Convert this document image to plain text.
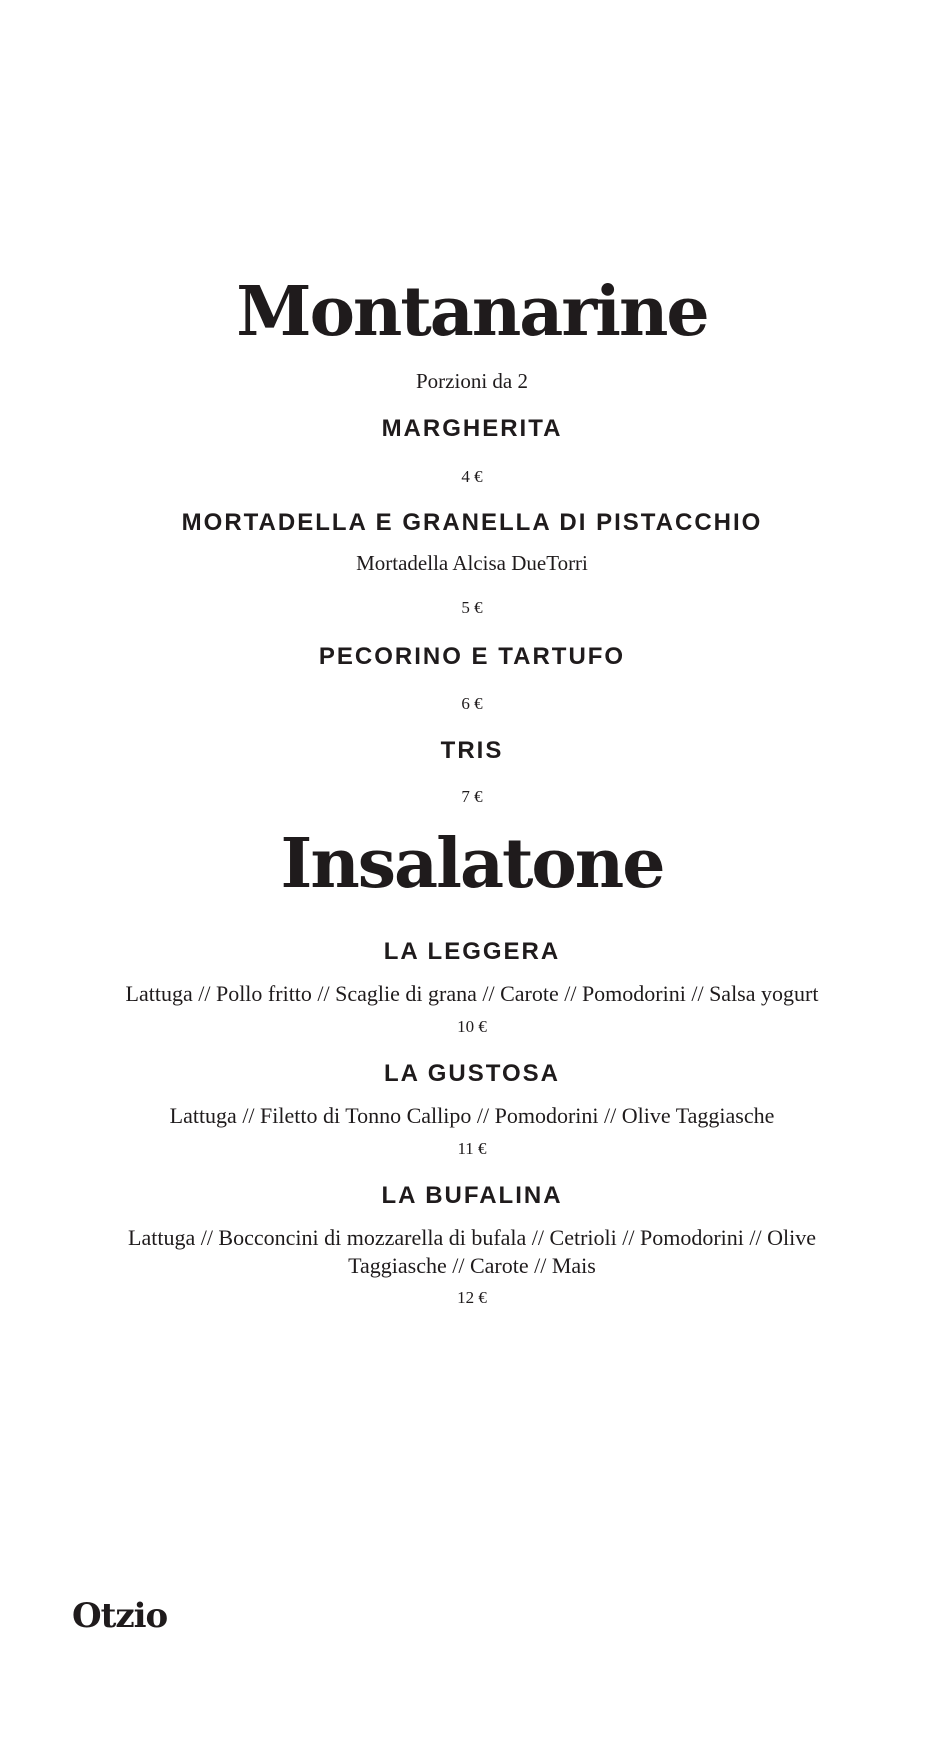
Montanarine

Porzioni da 2

MARGHERITA

4 €

MORTADELLA E GRANELLA DI PISTACCHIO

Mortadella Alcisa DueTorri

5 €

PECORINO E TARTUFO

6 €

TRIS

7 €

Insalatone
LA LEGGERA

Lattuga // Pollo fritto // Scaglie di grana // Carote // Pomodorini // Salsa yogurt

10 €

LA GUSTOSA

Lattuga // Filetto di Tonno Callipo // Pomodorini // Olive Taggiasche

11 €

LA BUFALINA

Lattuga // Bocconcini di mozzarella di bufala // Cetrioli // Pomodorini // Olive Taggiasche // Carote // Mais

12 €

Otzio
